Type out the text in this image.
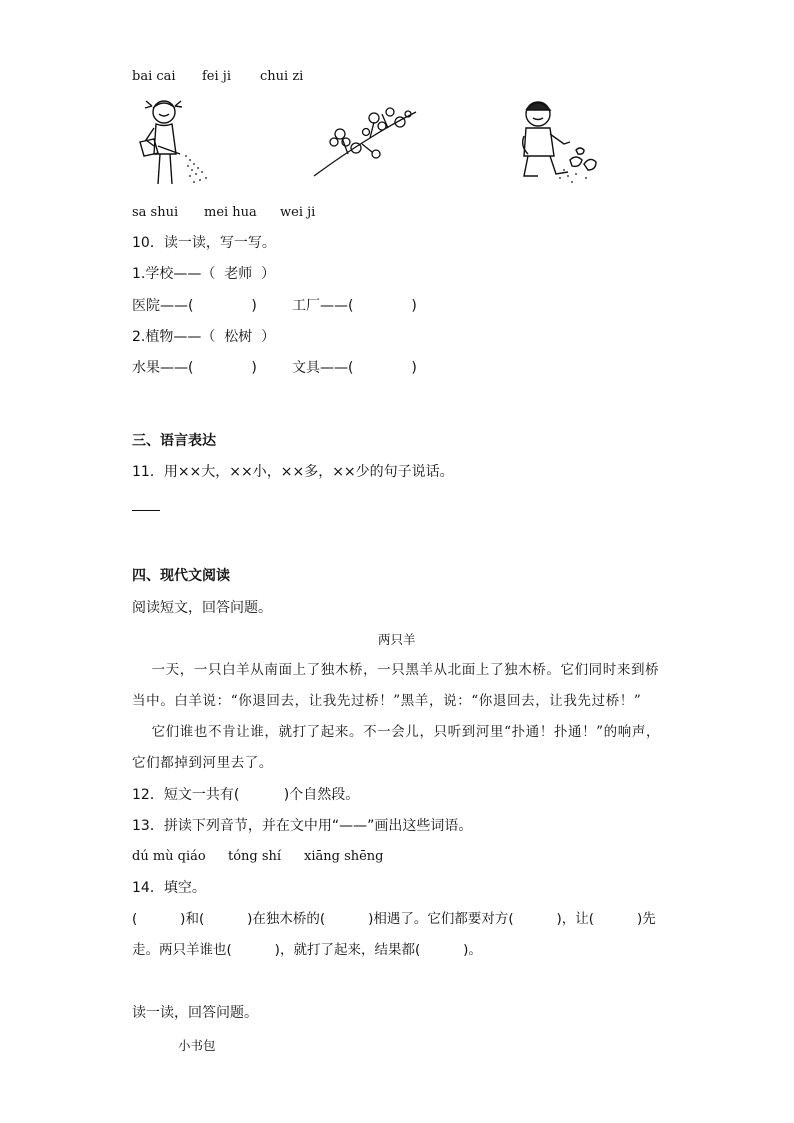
bai cai fei ji chui zi
sa shui mei hua wei ji
10．读一读，写一写。
1.学校——（  老师  ）
医院——(             )	工厂——(             )
2.植物——（  松树  ）
水果——(             )	文具——(             )
三、语言表达
11．用××大，××小，××多，××少的句子说话。
四、现代文阅读
阅读短文，回答问题。
两只羊
一天，一只白羊从南面上了独木桥，一只黑羊从北面上了独木桥。它们同时来到桥
当中。白羊说：“你退回去，让我先过桥！”黑羊，说：“你退回去，让我先过桥！”
它们谁也不肯让谁，就打了起来。不一会儿，只听到河里“扑通！扑通！”的响声，
它们都掉到河里去了。
12．短文一共有(          )个自然段。
13．拼读下列音节，并在文中用“——”画出这些词语。
dú mù qiáo tóng shí xiāng shēng
14．填空。
(          )和(          )在独木桥的(          )相遇了。它们都要对方(          )，让(          )先
走。两只羊谁也(          )，就打了起来，结果都(          )。
读一读，回答问题。
小书包
